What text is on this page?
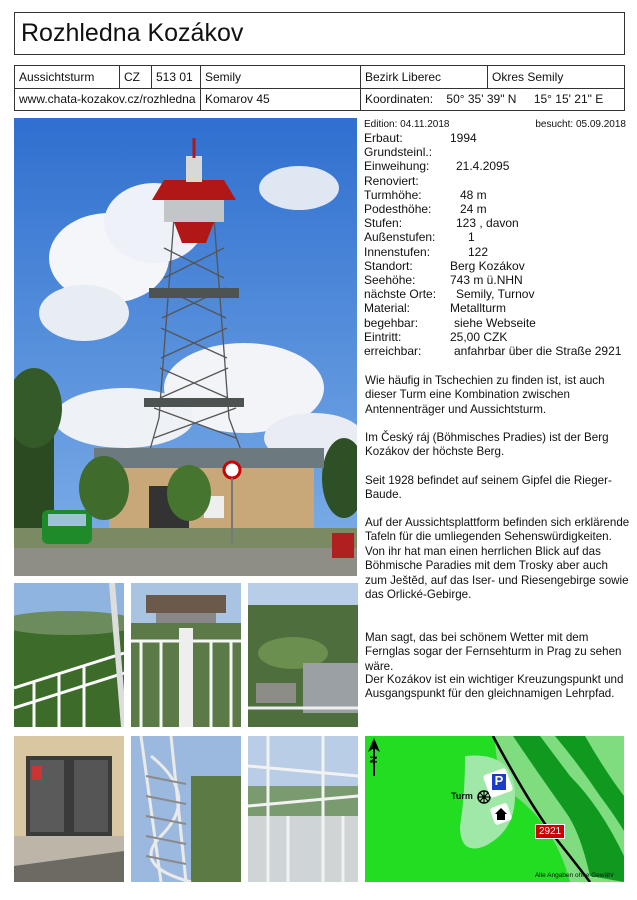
Rozhledna Kozákov
Aussichtsturm	CZ	513 01	Semily	Bezirk Liberec	Okres Semily
www.chata-kozakov.cz/rozhledna Komarov 45	Koordinaten: 50° 35' 39" N 15° 15' 21" E
Edition: 04.11.2018	besucht: 05.09.2018
Erbaut:	1994
Grundsteinl.:
Einweihung: 21.4.2095
Renoviert:
Turmhöhe:	48 m
Podesthöhe: 24 m
Stufen:	123 , davon
Außenstufen:	1
Innenstufen:	122
Standort:	Berg Kozákov
Seehöhe:	743 m ü.NHN
nächste Orte: Semily, Turnov
Material:	Metallturm
begehbar:	siehe Webseite
Eintritt:	25,00 CZK
erreichbar:	anfahrbar über die Straße 2921
Wie häufig in Tschechien zu finden ist, ist auch dieser Turm eine Kombination zwischen Antennenträger und Aussichtsturm.
Im Český ráj (Böhmisches Pradies) ist der Berg Kozákov der höchste Berg.
Seit 1928 befindet auf seinem Gipfel die Rieger-Baude.
Auf der Aussichtsplattform befinden sich erklärende Tafeln für die umliegenden Sehenswürdigkeiten. Von ihr hat man einen herrlichen Blick auf das Böhmische Paradies mit dem Trosky aber auch zum Ještěd, auf das Iser- und Riesengebirge sowie das Orlické-Gebirge.
Man sagt, das bei schönem Wetter mit dem Fernglas sogar der Fernsehturm in Prag zu sehen wäre.
Der Kozákov ist ein wichtiger Kreuzungspunkt und Ausgangspunkt für den gleichnamigen Lehrpfad.
N
Turm
P
2921
Alle Angaben ohne Gewähr
